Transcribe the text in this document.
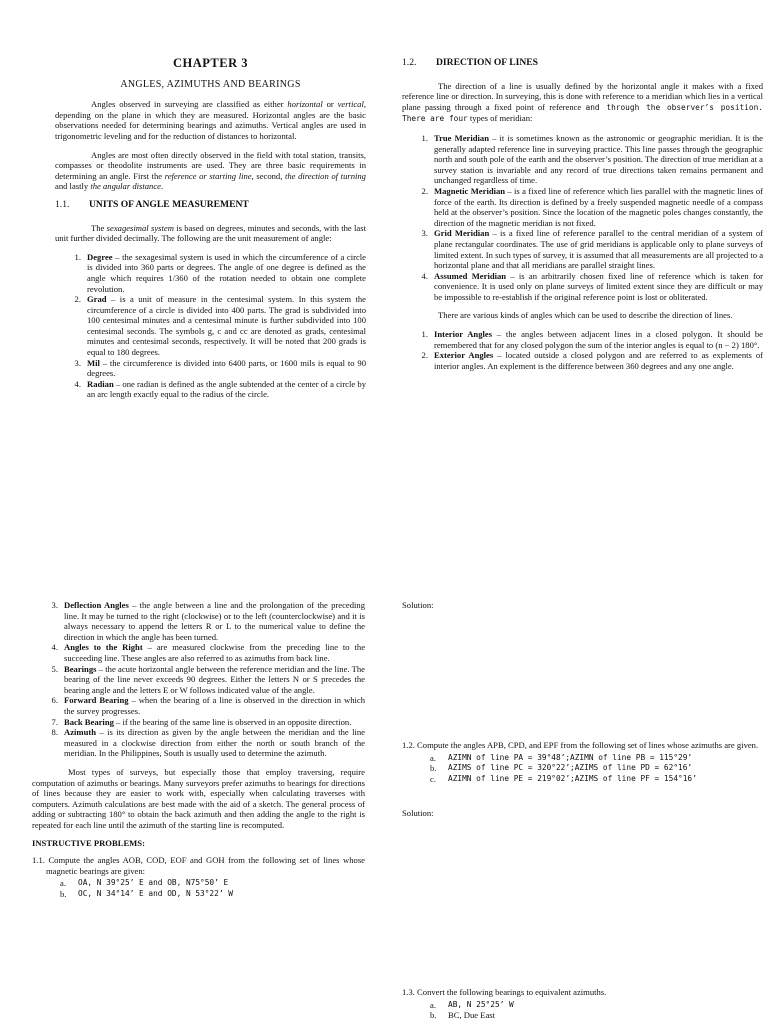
CHAPTER 3
ANGLES, AZIMUTHS AND BEARINGS

Angles observed in surveying are classified as either horizontal or vertical, depending on the plane in which they are measured. Horizontal angles are the basic observations needed for determining bearings and azimuths. Vertical angles are used in trigonometric leveling and for the reduction of distances to horizontal.

Angles are most often directly observed in the field with total station, transits, compasses or theodolite instruments are used. They are three basic requirements in determining an angle. First the reference or starting line, second, the direction of turning and lastly the angular distance.

1.1.	UNITS OF ANGLE MEASUREMENT

The sexagesimal system is based on degrees, minutes and seconds, with the last unit further divided decimally. The following are the unit measurement of angle:

1. Degree – the sexagesimal system is used in which the circumference of a circle is divided into 360 parts or degrees. The angle of one degree is defined as the angle which requires 1/360 of the rotation needed to obtain one complete revolution.
2. Grad – is a unit of measure in the centesimal system. In this system the circumference of a circle is divided into 400 parts. The grad is subdivided into 100 centesimal minutes and a centesimal minute is further subdivided into 100 centesimal seconds. The symbols g, c and cc are denoted as grads, centesimal minutes and centesimal seconds, respectively. It will be noted that 200 grads is equal to 180 degrees.
3. Mil – the circumference is divided into 6400 parts, or 1600 mils is equal to 90 degrees.
4. Radian – one radian is defined as the angle subtended at the center of a circle by an arc length exactly equal to the radius of the circle.
1.2.	DIRECTION OF LINES

The direction of a line is usually defined by the horizontal angle it makes with a fixed reference line or direction. In surveying, this is done with reference to a meridian which lies in a vertical plane passing through a fixed point of reference and through the observer’s position. There are four types of meridian:

1. True Meridian – it is sometimes known as the astronomic or geographic meridian. It is the generally adapted reference line in surveying practice. This line passes through the geographic north and south pole of the earth and the observer’s position. The direction of true meridian at a survey station is invariable and any record of true directions taken remains permanent and unchanged regardless of time.
2. Magnetic Meridian – is a fixed line of reference which lies parallel with the magnetic lines of force of the earth. Its direction is defined by a freely suspended magnetic needle of a compass held at the observer’s position. Since the location of the magnetic poles changes constantly, the direction of the magnetic meridian is not fixed.
3. Grid Meridian – is a fixed line of reference parallel to the central meridian of a system of plane rectangular coordinates. The use of grid meridians is applicable only to plane surveys of limited extent. In such types of survey, it is assumed that all measurements are all projected to a horizontal plane and that all meridians are parallel straight lines.
4. Assumed Meridian – is an arbitrarily chosen fixed line of reference which is taken for convenience. It is used only on plane surveys of limited extent since they are difficult or may be impossible to re-establish if the original reference point is lost or obliterated.

There are various kinds of angles which can be used to describe the direction of lines.

1. Interior Angles – the angles between adjacent lines in a closed polygon. It should be remembered that for any closed polygon the sum of the interior angles is equal to (n − 2) 180°.
2. Exterior Angles – located outside a closed polygon and are referred to as explements of interior angles. An explement is the difference between 360 degrees and any one angle.
3. Deflection Angles – the angle between a line and the prolongation of the preceding line. It may be turned to the right (clockwise) or to the left (counterclockwise) and it is always necessary to append the letters R or L to the numerical value to define the direction in which the angle has been turned.
4. Angles to the Right – are measured clockwise from the preceding line to the succeeding line. These angles are also referred to as azimuths from back line.
5. Bearings – the acute horizontal angle between the reference meridian and the line. The bearing of the line never exceeds 90 degrees. Either the letters N or S precedes the bearing angle and the letters E or W follows indicated value of the angle.
6. Forward Bearing – when the bearing of a line is observed in the direction in which the survey progresses.
7. Back Bearing – if the bearing of the same line is observed in an opposite direction.
8. Azimuth – is its direction as given by the angle between the meridian and the line measured in a clockwise direction from either the north or south branch of the meridian. In the Philippines, South is usually used to determine the azimuth.

Most types of surveys, but especially those that employ traversing, require computation of azimuths or bearings. Many surveyors prefer azimuths to bearings for directions of lines because they are easier to work with, especially when calculating traverses with computers. Azimuth calculations are best made with the aid of a sketch. The general process of adding or subtracting 180° to obtain the back azimuth and then adding the angle to the right is repeated for each line until the azimuth of the starting line is recomputed.

INSTRUCTIVE PROBLEMS:
1.1. Compute the angles AOB, COD, EOF and GOH from the following set of lines whose magnetic bearings are given:
a.	OA, N 39°25’ E and OB, N75°50’ E
b.	OC, N 34°14’ E and OD, N 53°22’ W
Solution:
1.2. Compute the angles APB, CPD, and EPF from the following set of lines whose azimuths are given.
a.	AZIMN of line PA = 39°48’;AZIMN of line PB = 115°29’
b.	AZIMS of line PC = 320°22’;AZIMS of line PD = 62°16’
c.	AZIMN of line PE = 219°02’;AZIMS of line PF = 154°16’
Solution:
1.3. Convert the following bearings to equivalent azimuths.
a.	AB, N 25°25’ W
b.	BC, Due East
